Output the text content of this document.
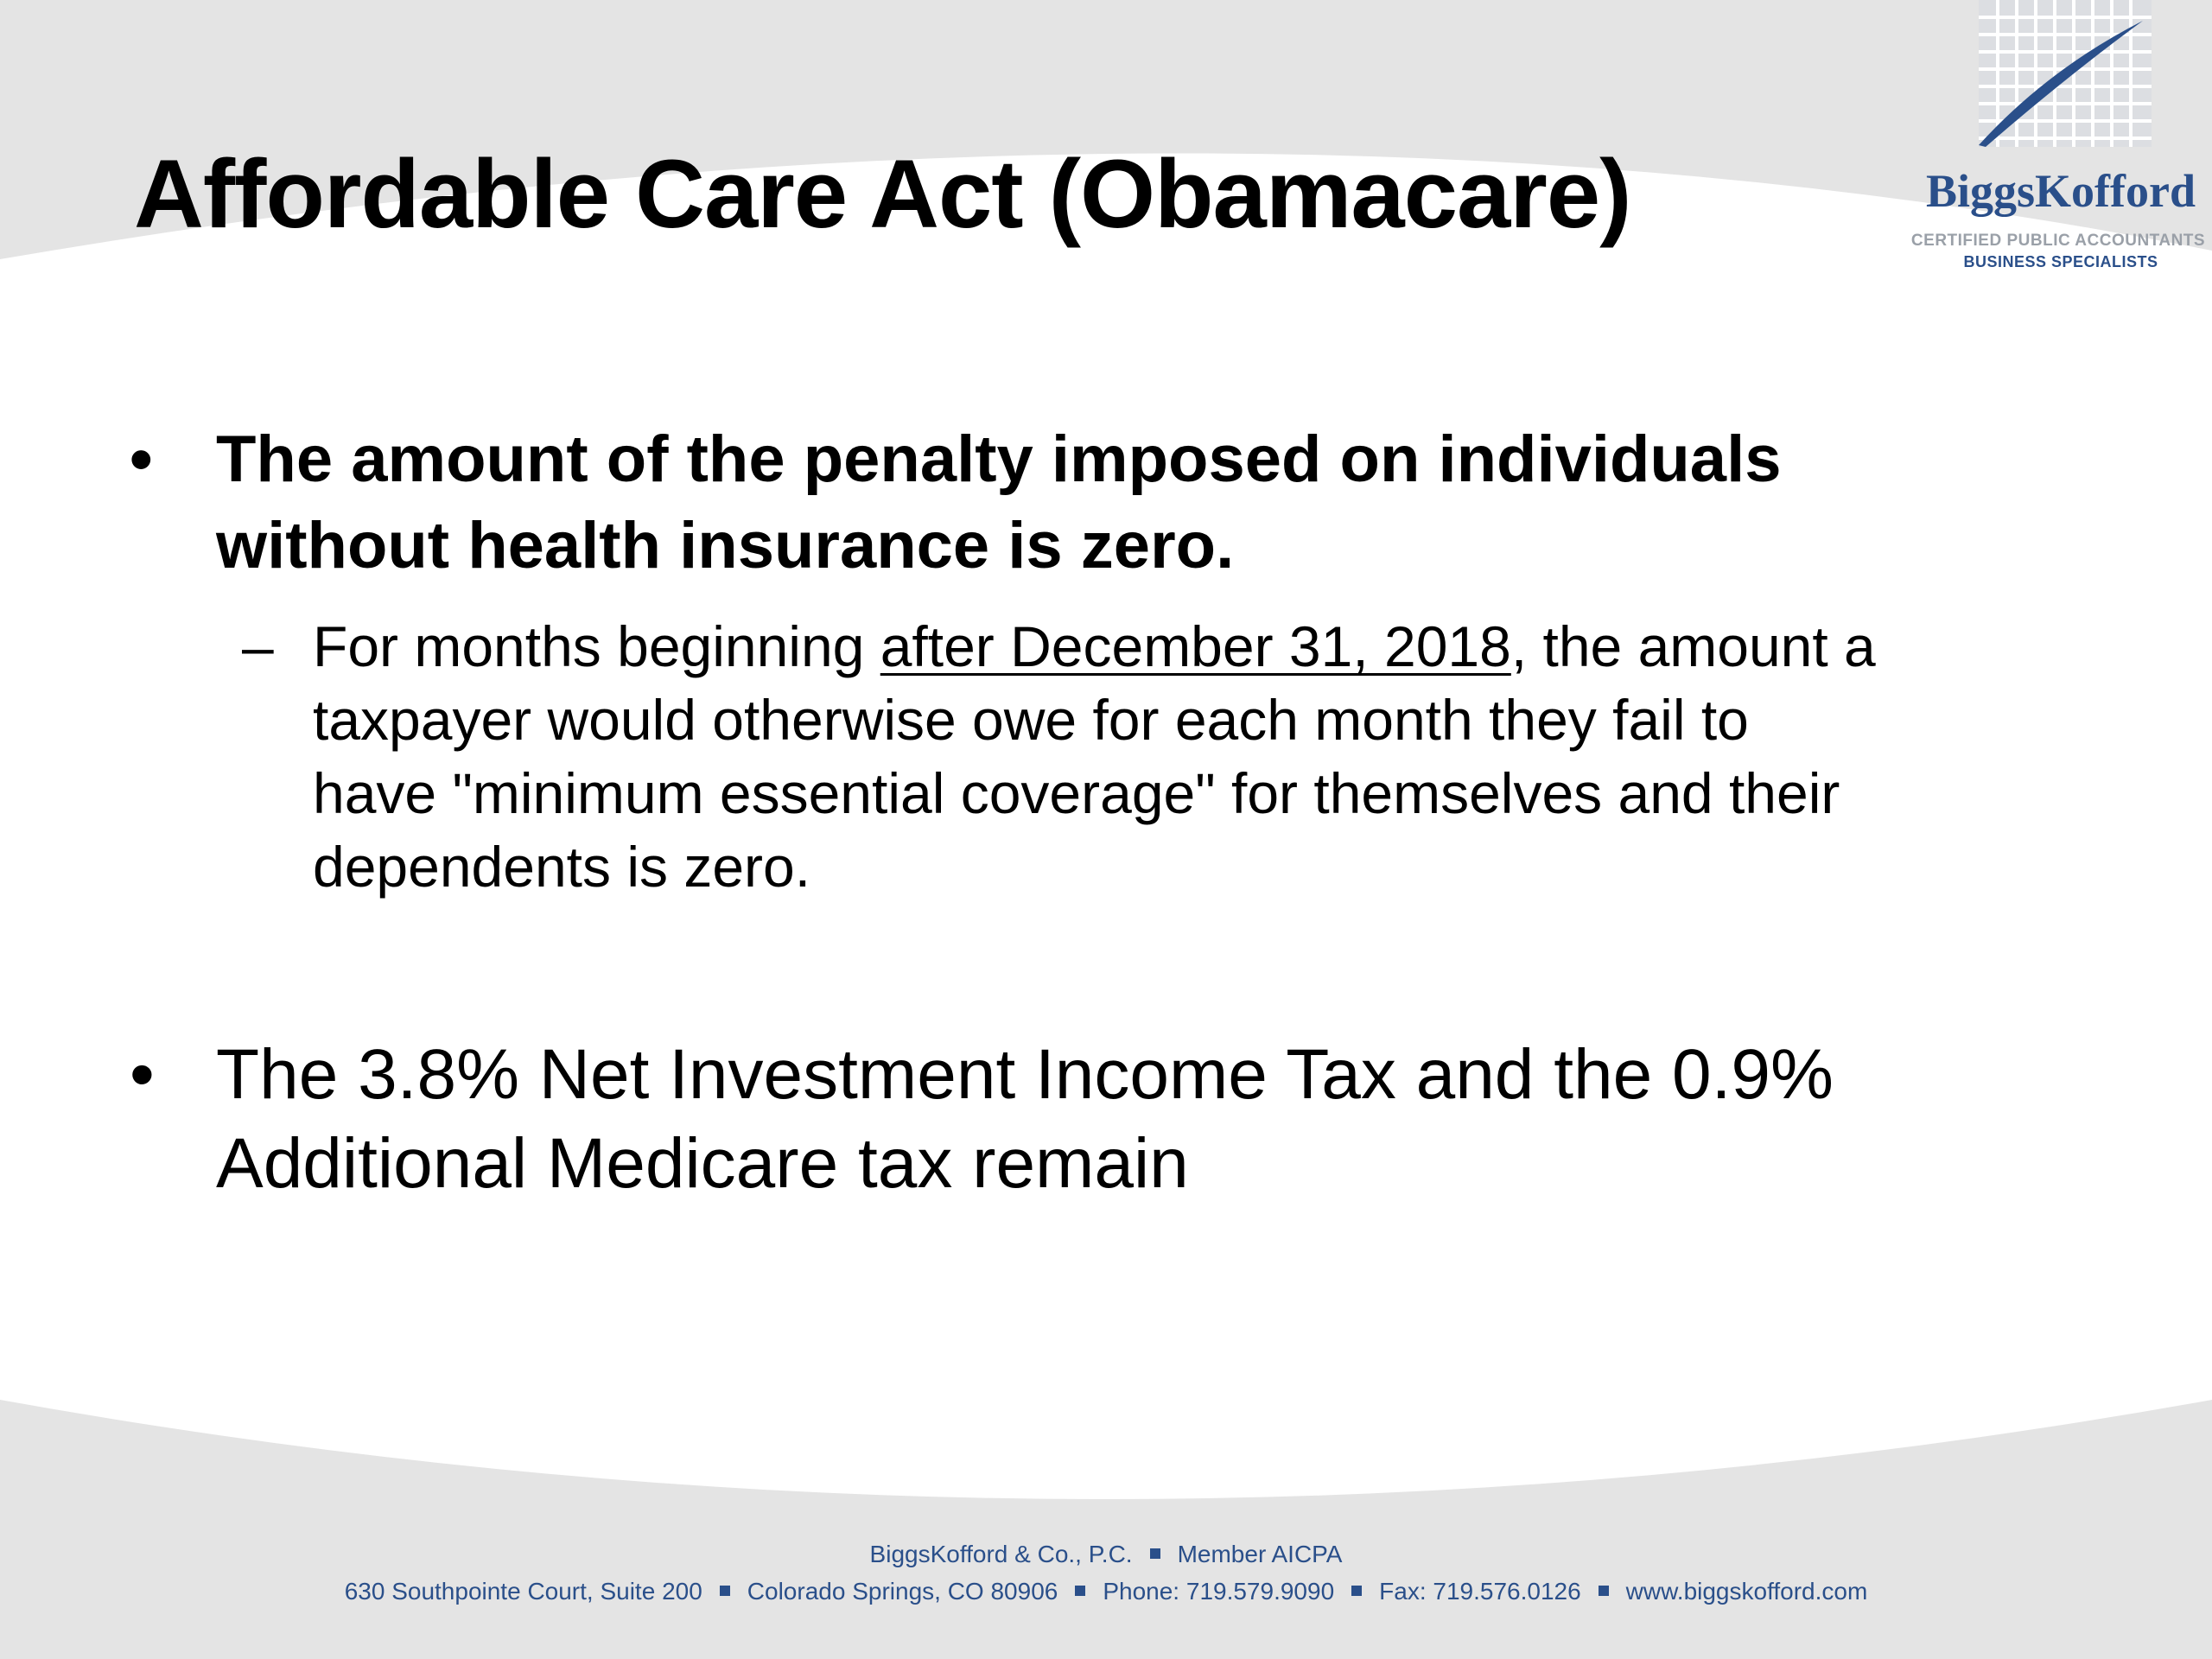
BiggsKofford
CERTIFIED PUBLIC ACCOUNTANTS
BUSINESS SPECIALISTS
Affordable Care Act (Obamacare)
• The amount of the penalty imposed on individuals
without health insurance is zero.
– For months beginning after December 31, 2018, the amount a
taxpayer would otherwise owe for each month they fail to
have "minimum essential coverage" for themselves and their
dependents is zero.
• The 3.8% Net Investment Income Tax and the 0.9%
Additional Medicare tax remain
BiggsKofford & Co., P.C. Member AICPA
630 Southpointe Court, Suite 200 Colorado Springs, CO 80906 Phone: 719.579.9090 Fax: 719.576.0126 www.biggskofford.com
